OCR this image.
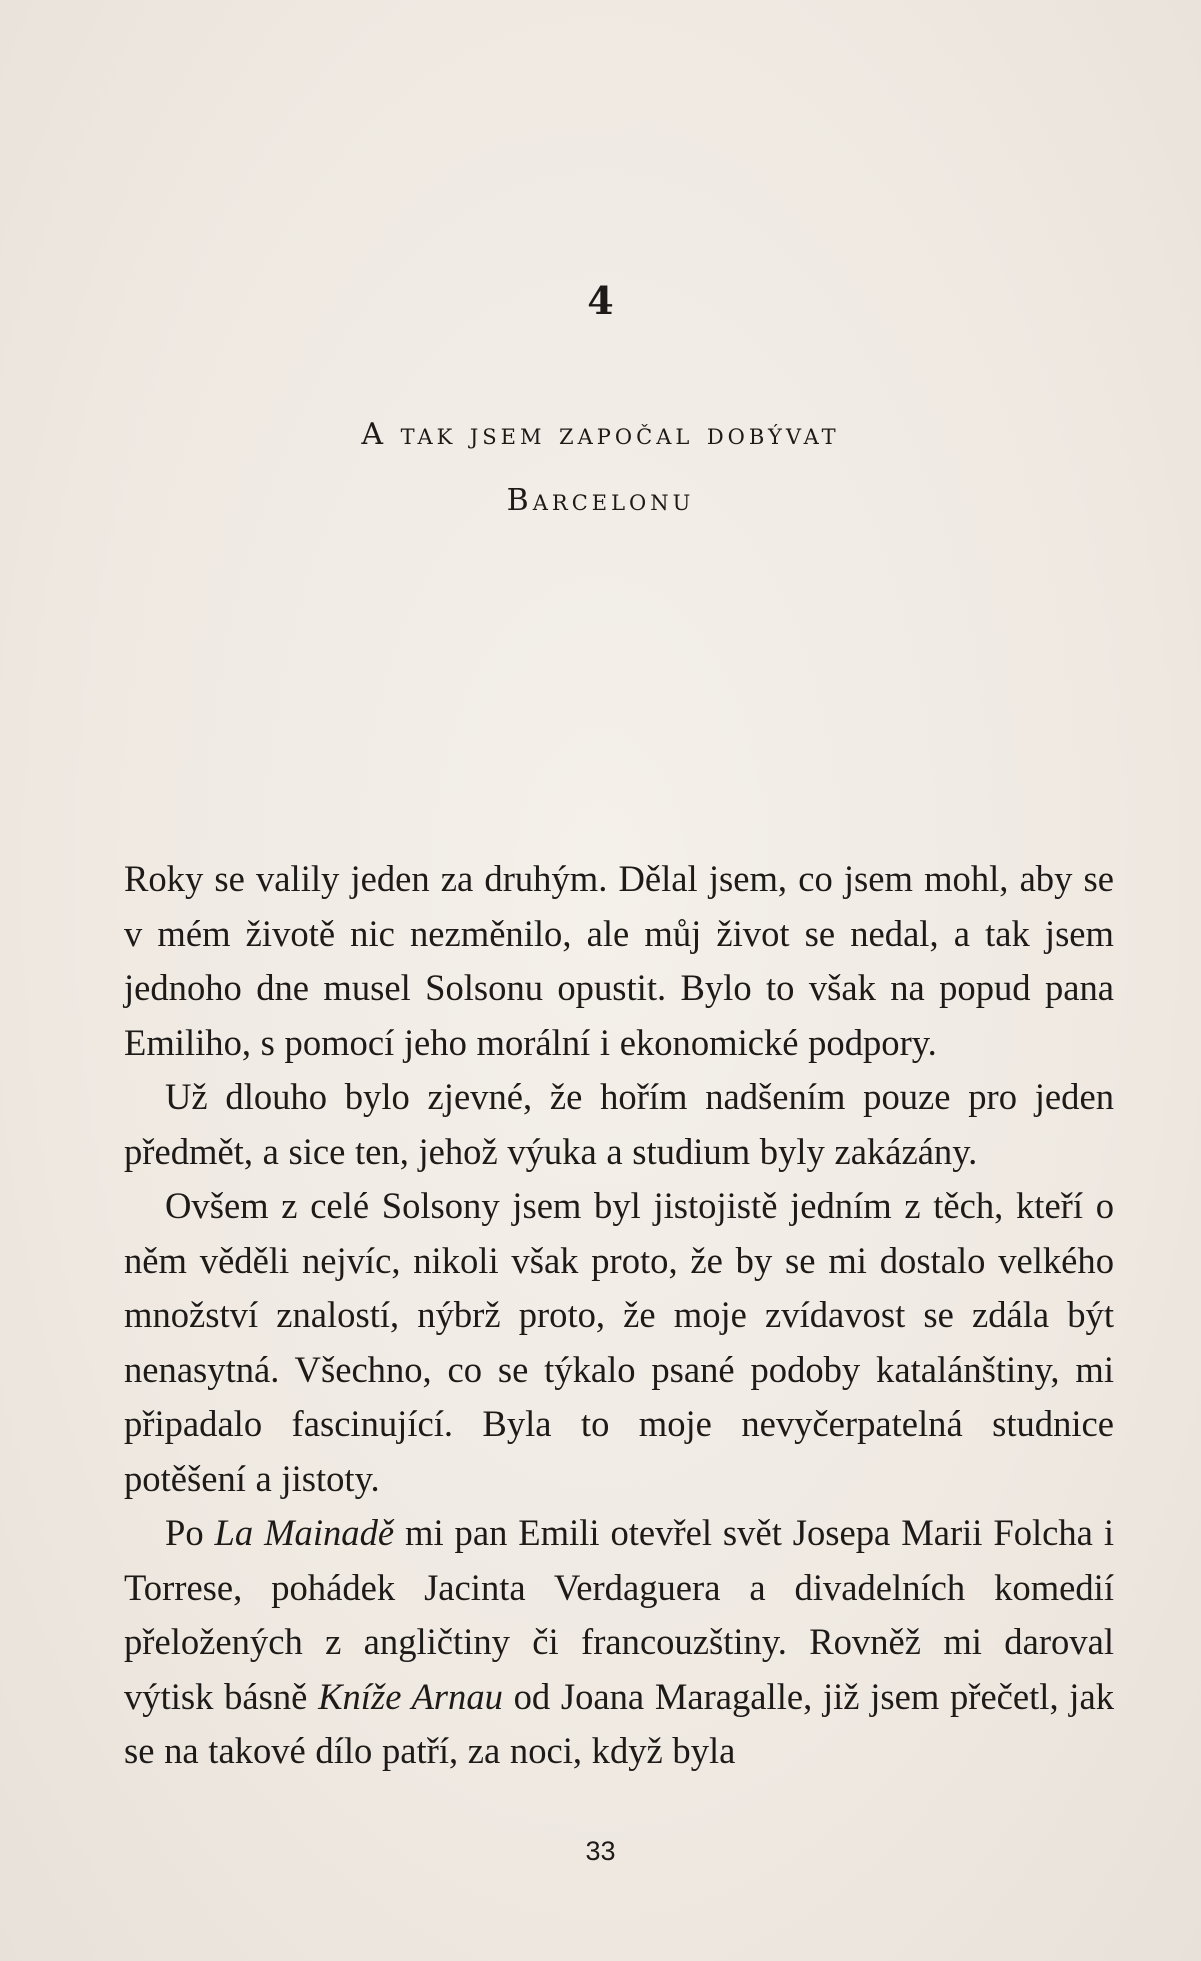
4
A tak jsem započal dobývat
Barcelonu

Roky se valily jeden za druhým. Dělal jsem, co jsem mohl, aby se v mém životě nic nezměnilo, ale můj život se nedal, a tak jsem jednoho dne musel Solsonu opustit. Bylo to však na popud pana Emiliho, s pomocí jeho morální i ekonomické podpory.

Už dlouho bylo zjevné, že hořím nadšením pouze pro jeden předmět, a sice ten, jehož výuka a studium byly zakázány.

Ovšem z celé Solsony jsem byl jistojistě jedním z těch, kteří o něm věděli nejvíc, nikoli však proto, že by se mi dostalo velkého množství znalostí, nýbrž proto, že moje zvídavost se zdála být nenasytná. Všechno, co se týkalo psané podoby katalánštiny, mi připadalo fascinující. Byla to moje nevyčerpatelná studnice potěšení a jistoty.

Po La Mainadě mi pan Emili otevřel svět Josepa Marii Folcha i Torrese, pohádek Jacinta Verdaguera a divadelních komedií přeložených z angličtiny či francouzštiny. Rovněž mi daroval výtisk básně Kníže Arnau od Joana Maragalle, již jsem přečetl, jak se na takové dílo patří, za noci, když byla

33
